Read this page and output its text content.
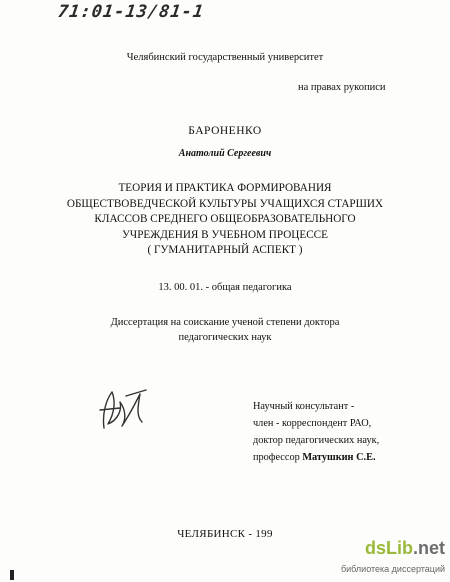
71:01-13/81-1
Челябинский государственный университет
на правах рукописи
БАРОНЕНКО
Анатолий Сергеевич
ТЕОРИЯ И ПРАКТИКА ФОРМИРОВАНИЯ
ОБЩЕСТВОВЕДЧЕСКОЙ КУЛЬТУРЫ УЧАЩИХСЯ СТАРШИХ
КЛАССОВ СРЕДНЕГО ОБЩЕОБРАЗОВАТЕЛЬНОГО
УЧРЕЖДЕНИЯ В УЧЕБНОМ ПРОЦЕССЕ
( ГУМАНИТАРНЫЙ АСПЕКТ )
13. 00. 01. - общая педагогика
Диссертация на соискание ученой степени доктора
педагогических наук
Научный консультант -
член - корреспондент РАО,
доктор педагогических наук,
профессор Матушкин С.Е.
ЧЕЛЯБИНСК - 199
dsLib.net
библиотека диссертаций
